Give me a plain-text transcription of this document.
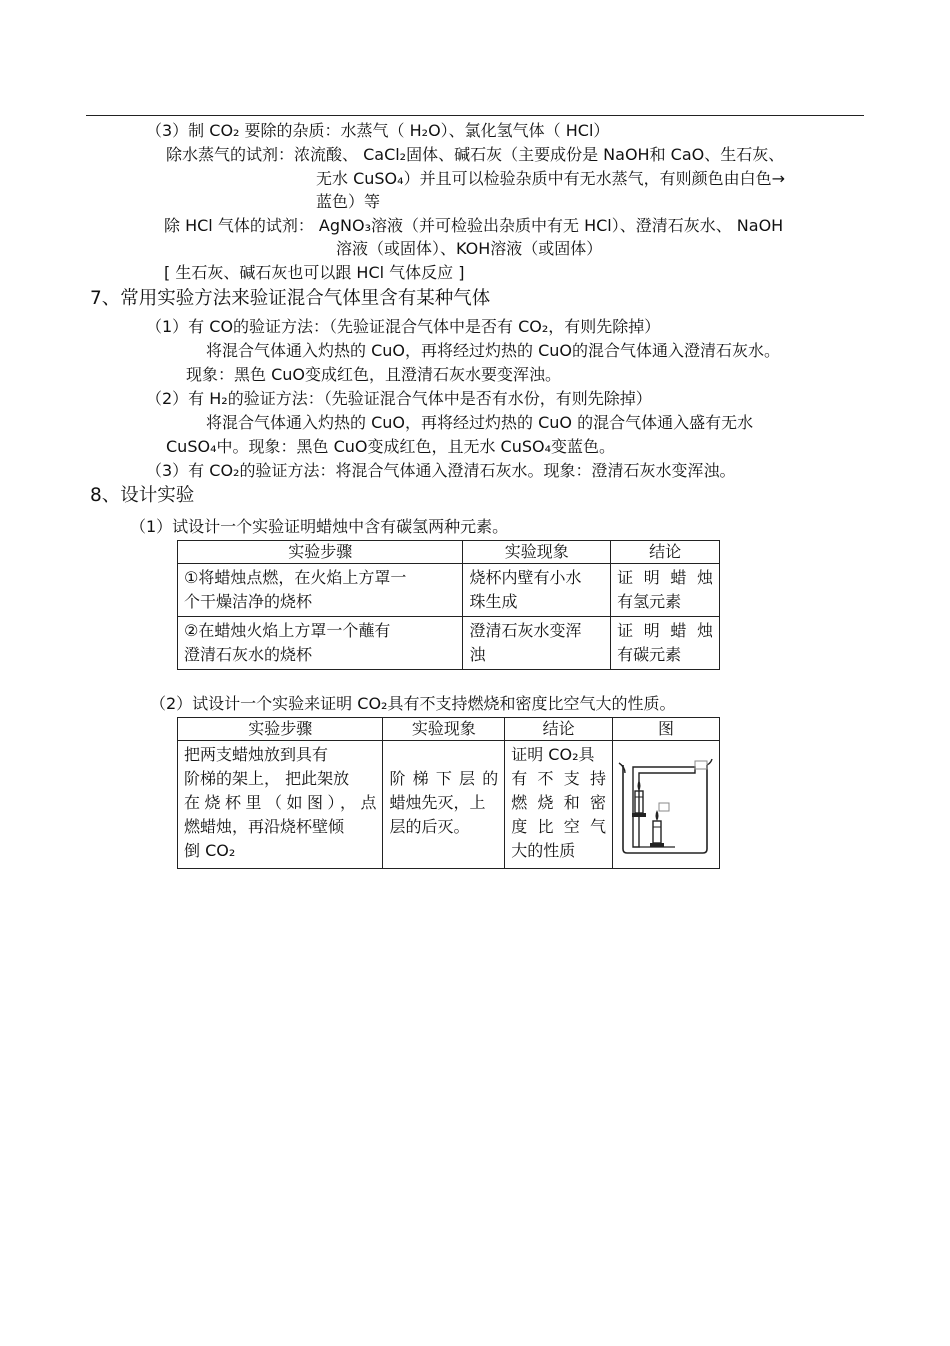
（3）制 CO₂ 要除的杂质：水蒸气（ H₂O）、氯化氢气体（ HCl）
除水蒸气的试剂：浓流酸、 CaCl₂固体、碱石灰（主要成份是 NaOH和 CaO、生石灰、
无水 CuSO₄）并且可以检验杂质中有无水蒸气，有则颜色由白色→
蓝色）等
除 HCl 气体的试剂： AgNO₃溶液（并可检验出杂质中有无 HCl）、澄清石灰水、 NaOH
溶液（或固体）、KOH溶液（或固体）
[ 生石灰、碱石灰也可以跟 HCl 气体反应 ]
7、常用实验方法来验证混合气体里含有某种气体
（1）有 CO的验证方法：（先验证混合气体中是否有 CO₂，有则先除掉）
将混合气体通入灼热的 CuO，再将经过灼热的 CuO的混合气体通入澄清石灰水。
现象：黑色 CuO变成红色，且澄清石灰水要变浑浊。
（2）有 H₂的验证方法：（先验证混合气体中是否有水份，有则先除掉）
将混合气体通入灼热的 CuO，再将经过灼热的 CuO 的混合气体通入盛有无水
CuSO₄中。现象：黑色 CuO变成红色，且无水 CuSO₄变蓝色。
（3）有 CO₂的验证方法：将混合气体通入澄清石灰水。现象：澄清石灰水变浑浊。
8、设计实验
（1）试设计一个实验证明蜡烛中含有碳氢两种元素。
实验步骤	实验现象	结论

①将蜡烛点燃，在火焰上方罩一
个干燥洁净的烧杯	烧杯内壁有小水
珠生成	证明蜡烛
有氢元素

②在蜡烛火焰上方罩一个蘸有
澄清石灰水的烧杯	澄清石灰水变浑
浊	证明蜡烛
有碳元素
（2）试设计一个实验来证明 CO₂具有不支持燃烧和密度比空气大的性质。
实验步骤	实验现象	结论	图

把两支蜡烛放到具有
阶梯的架上， 把此架放
在烧杯里（如图），点
燃蜡烛，再沿烧杯壁倾
倒 CO₂	阶梯下层的
蜡烛先灭，上
层的后灭。	证明 CO₂具
有不支持
燃烧和密
度比空气
大的性质
